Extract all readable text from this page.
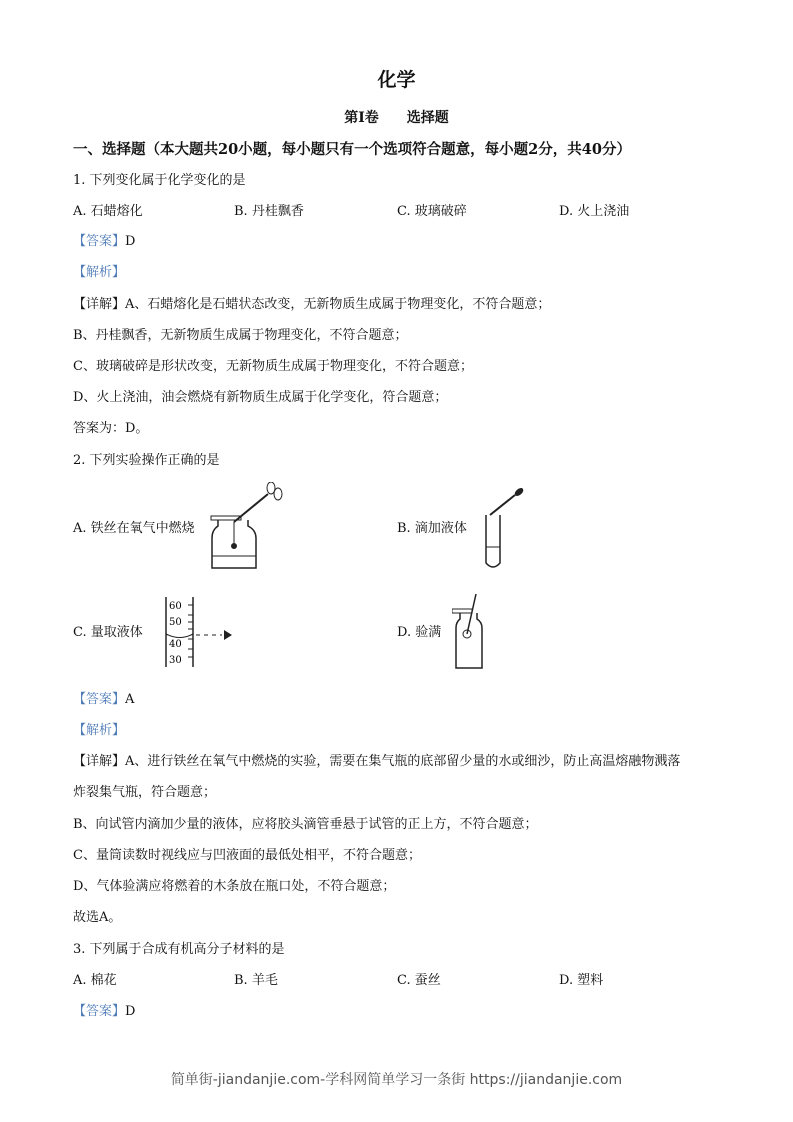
化学
第I卷　　选择题
一、选择题（本大题共20小题，每小题只有一个选项符合题意，每小题2分，共40分）
1. 下列变化属于化学变化的是
A. 石蜡熔化	B. 丹桂飘香	C. 玻璃破碎	D. 火上浇油
【答案】D
【解析】
【详解】A、石蜡熔化是石蜡状态改变，无新物质生成属于物理变化，不符合题意；
B、丹桂飘香，无新物质生成属于物理变化，不符合题意；
C、玻璃破碎是形状改变，无新物质生成属于物理变化，不符合题意；
D、火上浇油，油会燃烧有新物质生成属于化学变化，符合题意；
答案为：D。
2. 下列实验操作正确的是
A. 铁丝在氧气中燃烧	B. 滴加液体
C. 量取液体
60
50
40
30
D. 验满
【答案】A
【解析】
【详解】A、进行铁丝在氧气中燃烧的实验，需要在集气瓶的底部留少量的水或细沙，防止高温熔融物溅落
炸裂集气瓶，符合题意；
B、向试管内滴加少量的液体，应将胶头滴管垂悬于试管的正上方，不符合题意；
C、量筒读数时视线应与凹液面的最低处相平，不符合题意；
D、气体验满应将燃着的木条放在瓶口处，不符合题意；
故选A。
3. 下列属于合成有机高分子材料的是
A. 棉花	B. 羊毛	C. 蚕丝	D. 塑料
【答案】D
简单街-jiandanjie.com-学科网简单学习一条街 https://jiandanjie.com
